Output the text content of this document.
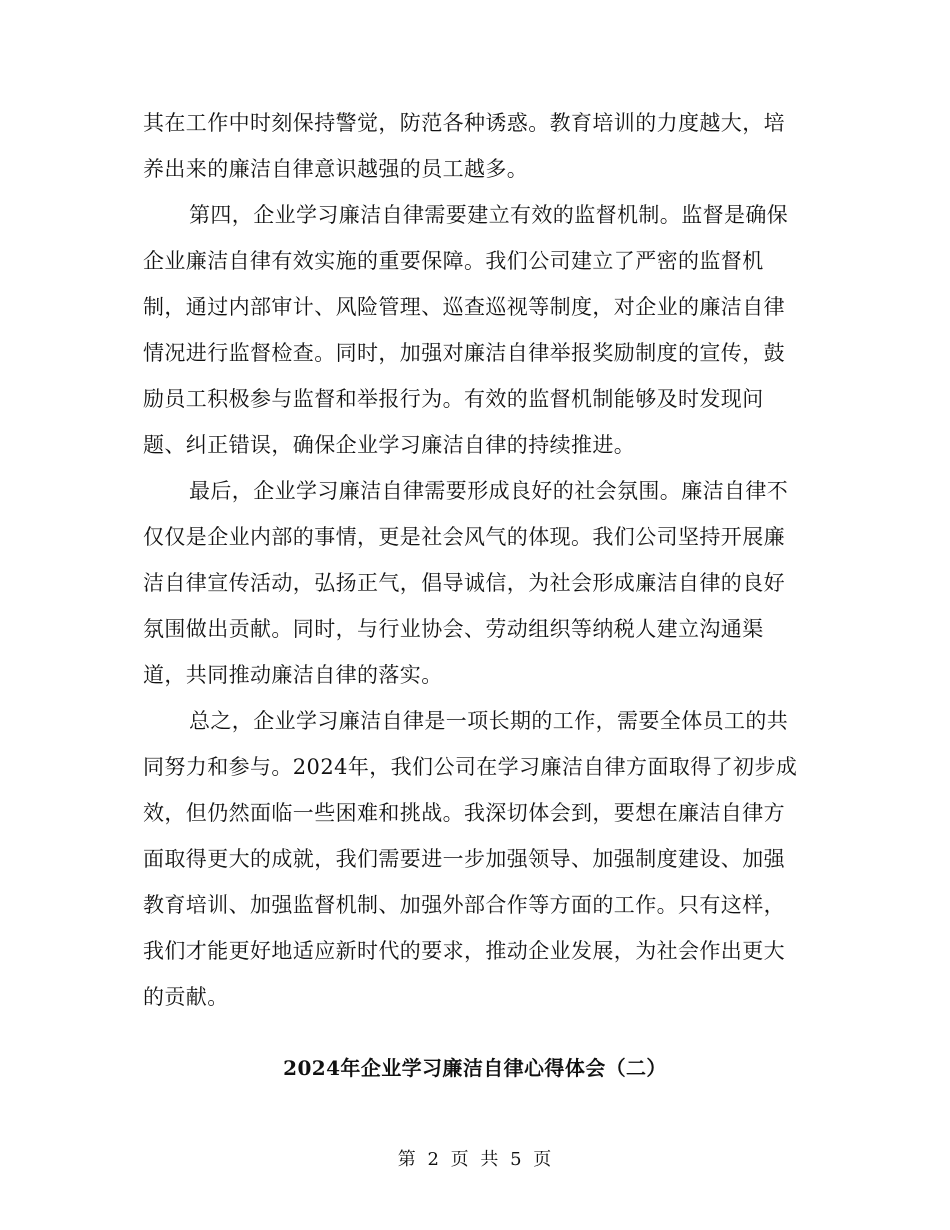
其在工作中时刻保持警觉，防范各种诱惑。教育培训的力度越大，培
养出来的廉洁自律意识越强的员工越多。

第四，企业学习廉洁自律需要建立有效的监督机制。监督是确保
企业廉洁自律有效实施的重要保障。我们公司建立了严密的监督机
制，通过内部审计、风险管理、巡查巡视等制度，对企业的廉洁自律
情况进行监督检查。同时，加强对廉洁自律举报奖励制度的宣传，鼓
励员工积极参与监督和举报行为。有效的监督机制能够及时发现问
题、纠正错误，确保企业学习廉洁自律的持续推进。

最后，企业学习廉洁自律需要形成良好的社会氛围。廉洁自律不
仅仅是企业内部的事情，更是社会风气的体现。我们公司坚持开展廉
洁自律宣传活动，弘扬正气，倡导诚信，为社会形成廉洁自律的良好
氛围做出贡献。同时，与行业协会、劳动组织等纳税人建立沟通渠
道，共同推动廉洁自律的落实。

总之，企业学习廉洁自律是一项长期的工作，需要全体员工的共
同努力和参与。2024年，我们公司在学习廉洁自律方面取得了初步成
效，但仍然面临一些困难和挑战。我深切体会到，要想在廉洁自律方
面取得更大的成就，我们需要进一步加强领导、加强制度建设、加强
教育培训、加强监督机制、加强外部合作等方面的工作。只有这样，
我们才能更好地适应新时代的要求，推动企业发展，为社会作出更大
的贡献。

2024年企业学习廉洁自律心得体会（二）
第 2 页 共 5 页
